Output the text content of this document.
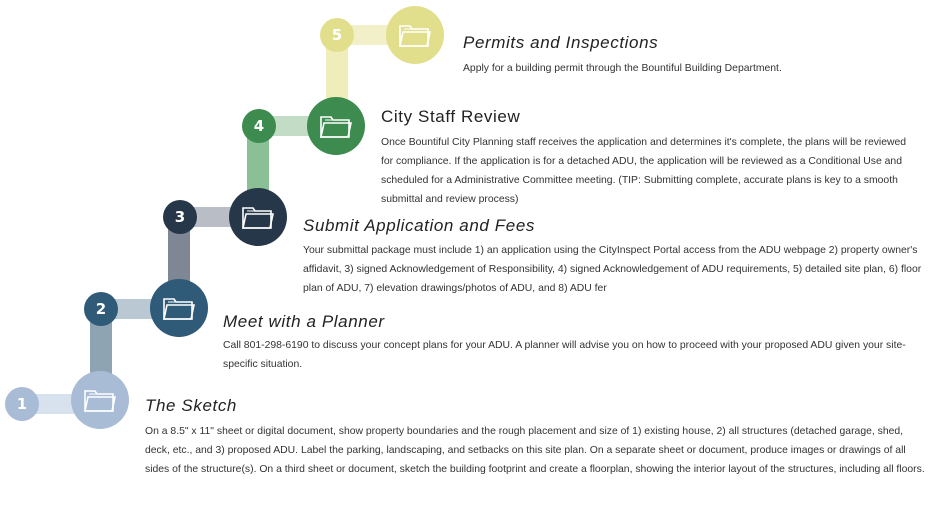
1	The Sketch

On a 8.5" x 11" sheet or digital document, show property boundaries and the rough placement and size of 1) existing house, 2) all structures (detached garage, shed, deck, etc., and 3) proposed ADU. Label the parking, landscaping, and setbacks on this site plan. On a separate sheet or document, produce images or drawings of all sides of the structure(s). On a third sheet or document, sketch the building footprint and create a floorplan, showing the interior layout of the structures, including all floors.

2
Meet with a Planner

Call 801-298-6190 to discuss your concept plans for your ADU. A planner will advise you on how to proceed with your proposed ADU given your site-specific situation.

3	Submit Application and Fees

Your submittal package must include 1) an application using the CityInspect Portal access from the ADU webpage 2) property owner's affidavit, 3) signed Acknowledgement of Responsibility, 4) signed Acknowledgement of ADU requirements, 5) detailed site plan, 6) floor plan of ADU, 7) elevation drawings/photos of ADU, and 8) ADU fer

4	City Staff Review

Once Bountiful City Planning staff receives the application and determines it's complete, the plans will be reviewed for compliance. If the application is for a detached ADU, the application will be reviewed as a Conditional Use and scheduled for a Administrative Committee meeting. (TIP: Submitting complete, accurate plans is key to a smooth submittal and review process)

5	Permits and Inspections

Apply for a building permit through the Bountiful Building Department.
